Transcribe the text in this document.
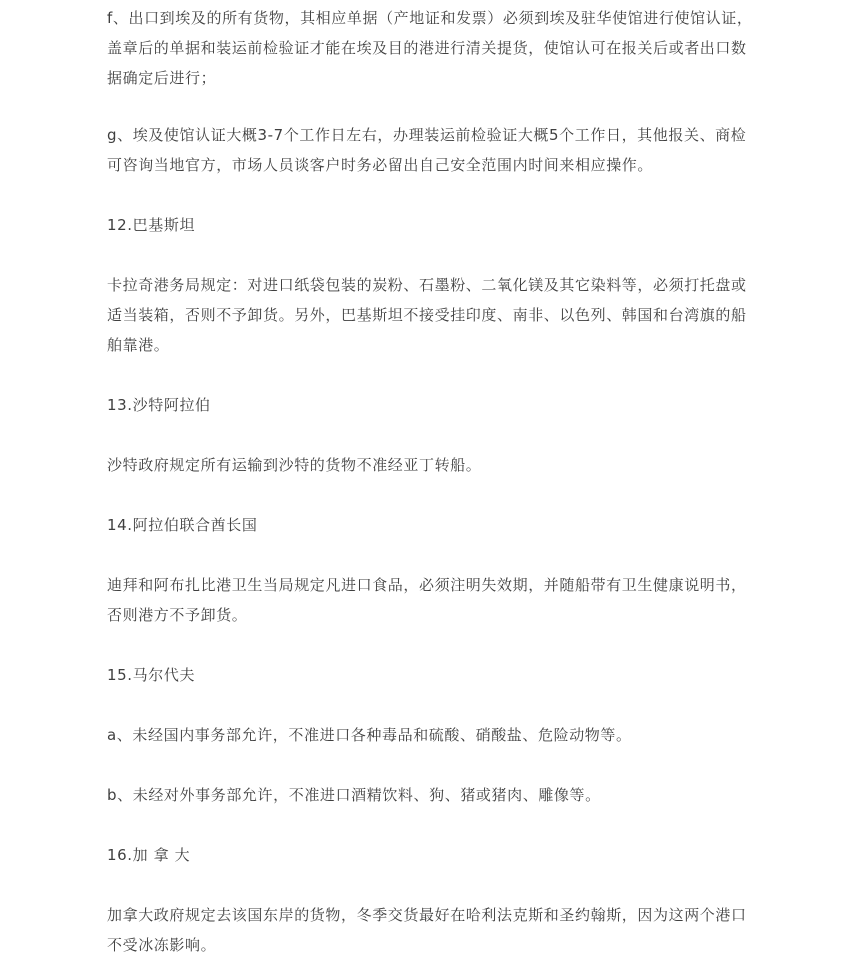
f、出口到埃及的所有货物，其相应单据（产地证和发票）必须到埃及驻华使馆进行使馆认证，盖章后的单据和装运前检验证才能在埃及目的港进行清关提货，使馆认可在报关后或者出口数据确定后进行；

g、埃及使馆认证大概3-7个工作日左右，办理装运前检验证大概5个工作日，其他报关、商检可咨询当地官方，市场人员谈客户时务必留出自己安全范围内时间来相应操作。

12.巴基斯坦

卡拉奇港务局规定：对进口纸袋包装的炭粉、石墨粉、二氧化镁及其它染料等，必须打托盘或适当装箱，否则不予卸货。另外，巴基斯坦不接受挂印度、南非、以色列、韩国和台湾旗的船舶靠港。

13.沙特阿拉伯

沙特政府规定所有运输到沙特的货物不准经亚丁转船。

14.阿拉伯联合酋长国

迪拜和阿布扎比港卫生当局规定凡进口食品，必须注明失效期，并随船带有卫生健康说明书，否则港方不予卸货。

15.马尔代夫

a、未经国内事务部允许，不准进口各种毒品和硫酸、硝酸盐、危险动物等。

b、未经对外事务部允许，不准进口酒精饮料、狗、猪或猪肉、雕像等。

16.加 拿 大

加拿大政府规定去该国东岸的货物，冬季交货最好在哈利法克斯和圣约翰斯，因为这两个港口不受冰冻影响。
